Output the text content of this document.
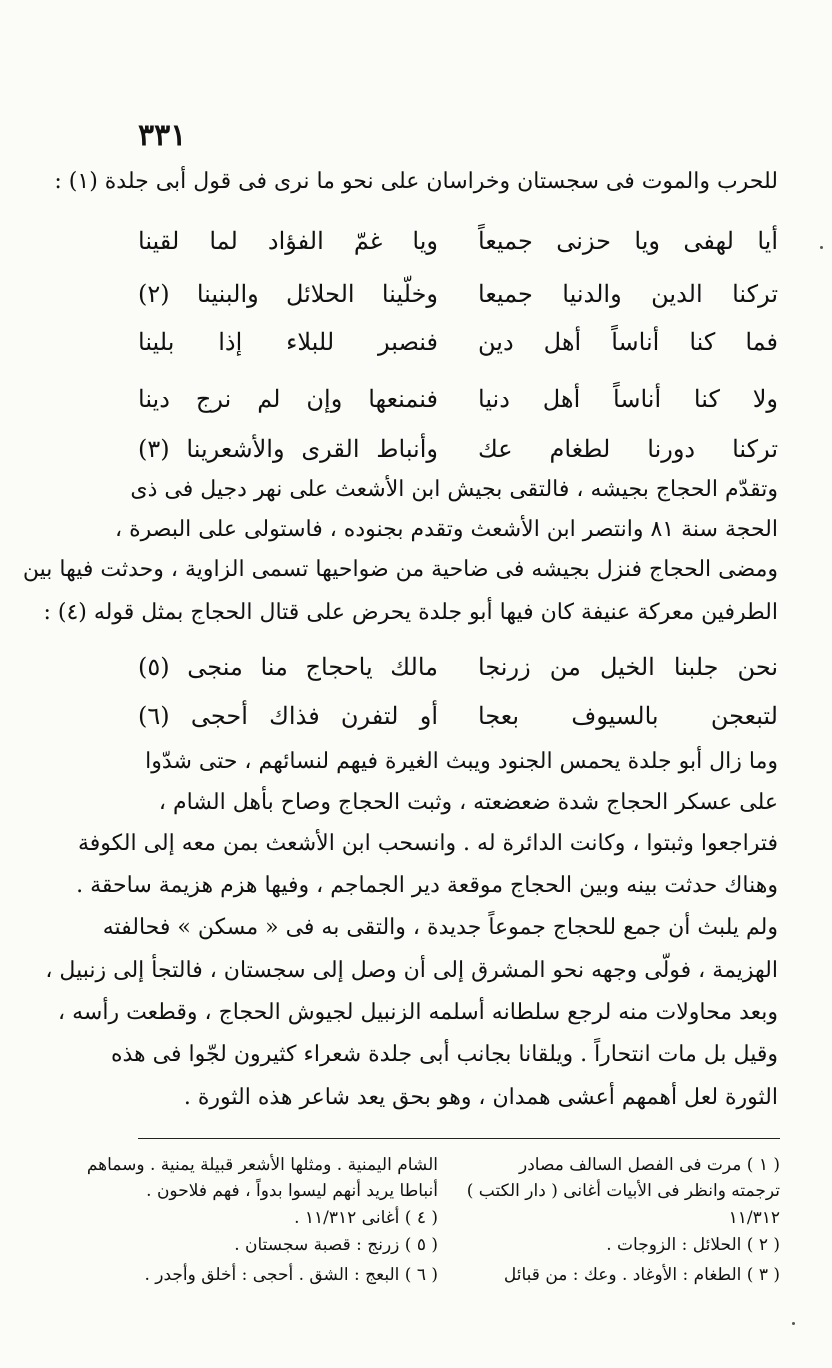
٣٣١
للحرب والموت فى سجستان وخراسان على نحو ما نرى فى قول أبى جلدة (١) :
أيا لهفى ويا حزنى جميعاً
ويا غمّ الفؤاد لما لقينا
تركنا الدين والدنيا جميعا
وخلّينا الحلائل والبنينا (٢)
فما كنا أناساً أهل دين
فنصبر للبلاء إذا بلينا
ولا كنا أناساً أهل دنيا
فنمنعها وإن لم نرج دينا
تركنا دورنا لطغام عك
وأنباط القرى والأشعرينا (٣)
وتقدّم الحجاج بجيشه ، فالتقى بجيش ابن الأشعث على نهر دجيل فى ذى
الحجة سنة ٨١ وانتصر ابن الأشعث وتقدم بجنوده ، فاستولى على البصرة ،
ومضى الحجاج فنزل بجيشه فى ضاحية من ضواحيها تسمى الزاوية ، وحدثت فيها بين
الطرفين معركة عنيفة كان فيها أبو جلدة يحرض على قتال الحجاج بمثل قوله (٤) :
نحن جلبنا الخيل من زرنجا
مالك ياحجاج منا منجى (٥)
لتبعجن بالسيوف بعجا
أو لتفرن فذاك أحجى (٦)
وما زال أبو جلدة يحمس الجنود ويبث الغيرة فيهم لنسائهم ، حتى شدّوا
على عسكر الحجاج شدة ضعضعته ، وثبت الحجاج وصاح بأهل الشام ،
فتراجعوا وثبتوا ، وكانت الدائرة له . وانسحب ابن الأشعث بمن معه إلى الكوفة
وهناك حدثت بينه وبين الحجاج موقعة دير الجماجم ، وفيها هزم هزيمة ساحقة .
ولم يلبث أن جمع للحجاج جموعاً جديدة ، والتقى به فى « مسكن » فحالفته
الهزيمة ، فولّى وجهه نحو المشرق إلى أن وصل إلى سجستان ، فالتجأ إلى زنبيل ،
وبعد محاولات منه لرجع سلطانه أسلمه الزنبيل لجيوش الحجاج ، وقطعت رأسه ،
وقيل بل مات انتحاراً . ويلقانا بجانب أبى جلدة شعراء كثيرون لجّوا فى هذه
الثورة لعل أهمهم أعشى همدان ، وهو بحق يعد شاعر هذه الثورة .
( ١ ) مرت فى الفصل السالف مصادر
ترجمته وانظر فى الأبيات أغانى ( دار الكتب )
١١/٣١٢
( ٢ ) الحلائل : الزوجات .
( ٣ ) الطغام : الأوغاد . وعك : من قبائل
الشام اليمنية . ومثلها الأشعر قبيلة يمنية . وسماهم
أنباطا يريد أنهم ليسوا بدواً ، فهم فلاحون .
( ٤ ) أغانى ١١/٣١٢ .
( ٥ ) زرنج : قصبة سجستان .
( ٦ ) البعج : الشق . أحجى : أخلق وأجدر .
